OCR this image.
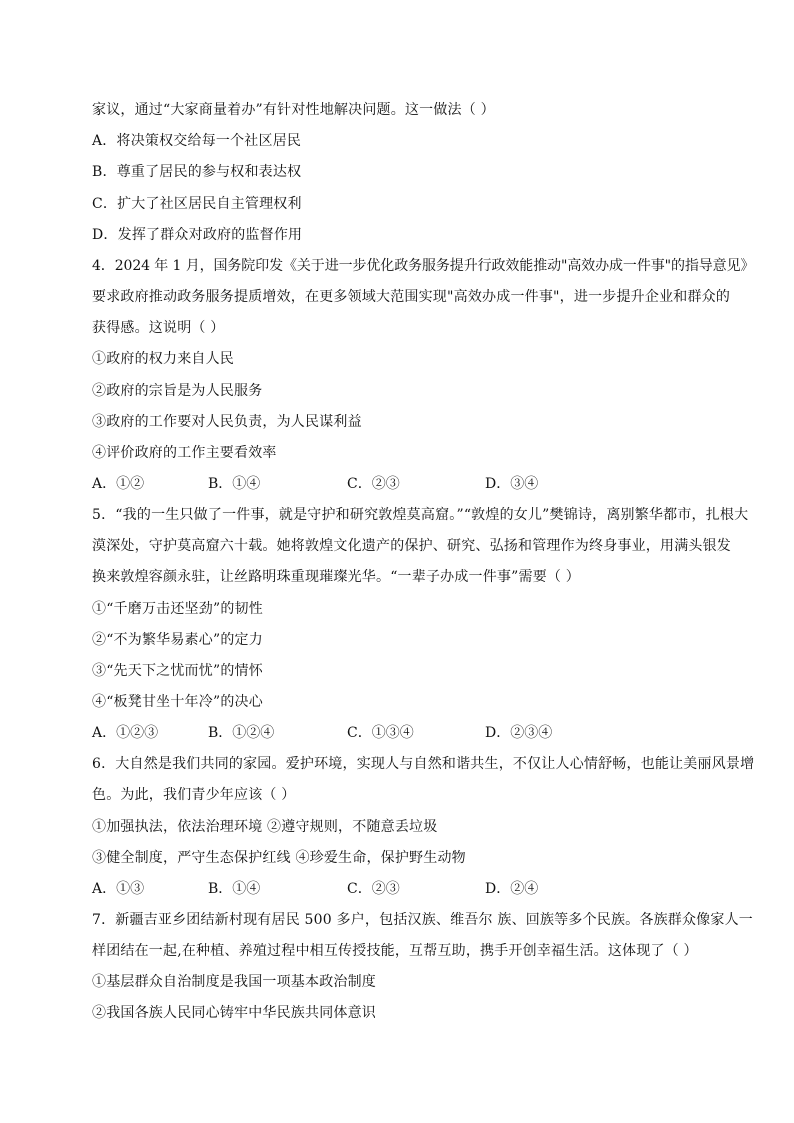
家议，通过“大家商量着办”有针对性地解决问题。这一做法（ ）
A．将决策权交给每一个社区居民
B．尊重了居民的参与权和表达权
C．扩大了社区居民自主管理权利
D．发挥了群众对政府的监督作用
4．2024 年 1 月，国务院印发《关于进一步优化政务服务提升行政效能推动"高效办成一件事"的指导意见》
要求政府推动政务服务提质增效，在更多领域大范围实现"高效办成一件事"，进一步提升企业和群众的
获得感。这说明（ ）
①政府的权力来自人民
②政府的宗旨是为人民服务
③政府的工作要对人民负责，为人民谋利益
④评价政府的工作主要看效率
A．①②	B．①④	C．②③	D．③④
5．“我的一生只做了一件事，就是守护和研究敦煌莫高窟。”“敦煌的女儿”樊锦诗，离别繁华都市，扎根大
漠深处，守护莫高窟六十载。她将敦煌文化遗产的保护、研究、弘扬和管理作为终身事业，用满头银发
换来敦煌容颜永驻，让丝路明珠重现璀璨光华。“一辈子办成一件事”需要（ ）
①“千磨万击还坚劲”的韧性
②“不为繁华易素心”的定力
③“先天下之忧而忧”的情怀
④“板凳甘坐十年冷”的决心
A．①②③	B．①②④	C．①③④	D．②③④
6．大自然是我们共同的家园。爱护环境，实现人与自然和谐共生，不仅让人心情舒畅，也能让美丽风景增
色。为此，我们青少年应该（ ）
①加强执法，依法治理环境 ②遵守规则，不随意丢垃圾
③健全制度，严守生态保护红线 ④珍爱生命，保护野生动物
A．①③	B．①④	C．②③	D．②④
7．新疆吉亚乡团结新村现有居民 500 多户，包括汉族、维吾尔 族、回族等多个民族。各族群众像家人一
样团结在一起,在种植、养殖过程中相互传授技能，互帮互助，携手开创幸福生活。这体现了（ ）
①基层群众自治制度是我国一项基本政治制度
②我国各族人民同心铸牢中华民族共同体意识
